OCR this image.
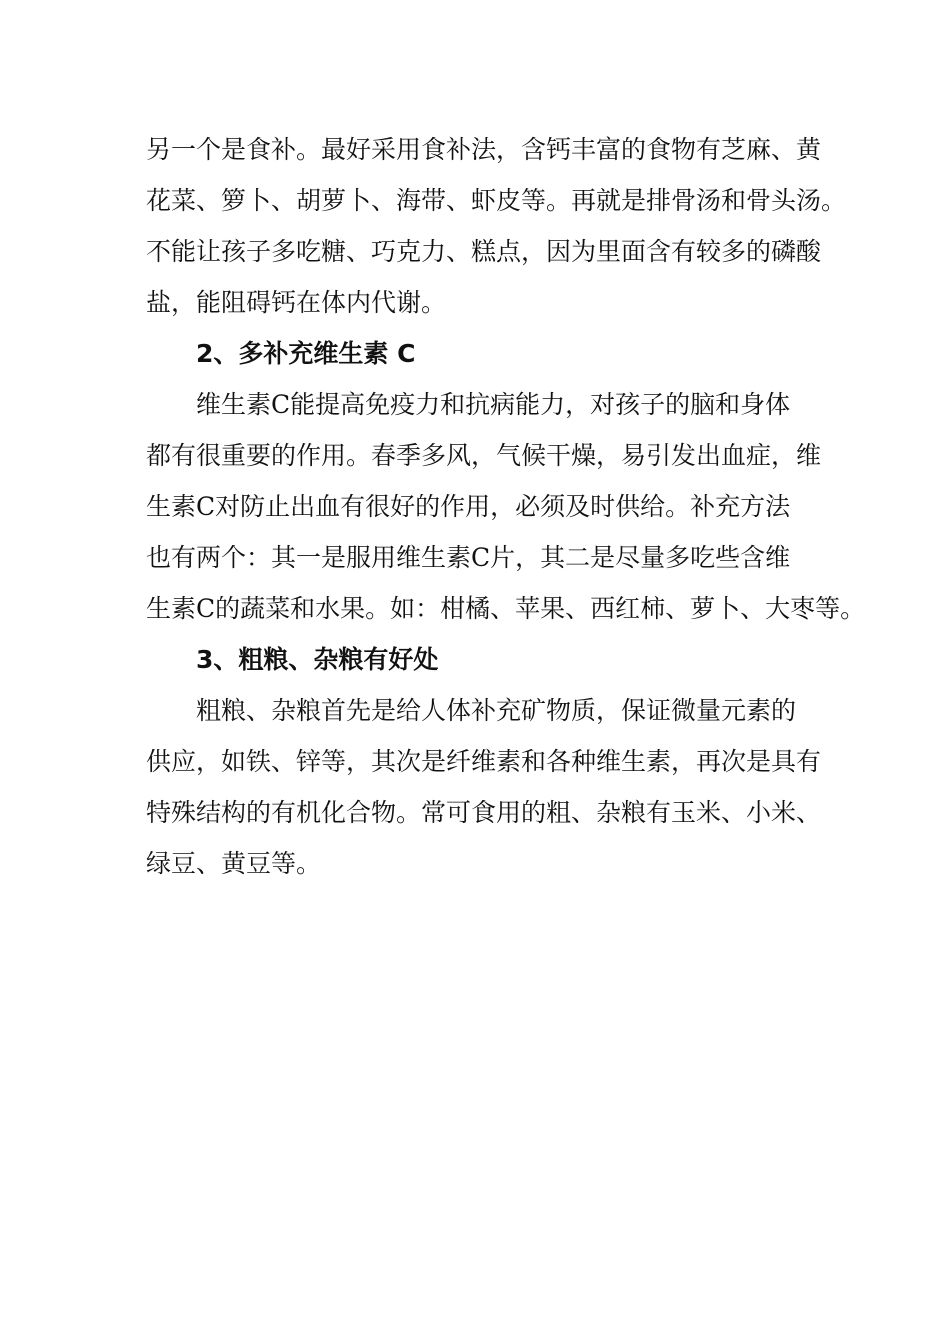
另一个是食补。最好采用食补法，含钙丰富的食物有芝麻、黄
花菜、箩卜、胡萝卜、海带、虾皮等。再就是排骨汤和骨头汤。
不能让孩子多吃糖、巧克力、糕点，因为里面含有较多的磷酸
盐，能阻碍钙在体内代谢。
2、多补充维生素 C
维生素C能提高免疫力和抗病能力，对孩子的脑和身体
都有很重要的作用。春季多风，气候干燥，易引发出血症，维
生素C对防止出血有很好的作用，必须及时供给。补充方法
也有两个：其一是服用维生素C片，其二是尽量多吃些含维
生素C的蔬菜和水果。如：柑橘、苹果、西红柿、萝卜、大枣等。
3、粗粮、杂粮有好处
粗粮、杂粮首先是给人体补充矿物质，保证微量元素的
供应，如铁、锌等，其次是纤维素和各种维生素，再次是具有
特殊结构的有机化合物。常可食用的粗、杂粮有玉米、小米、
绿豆、黄豆等。
